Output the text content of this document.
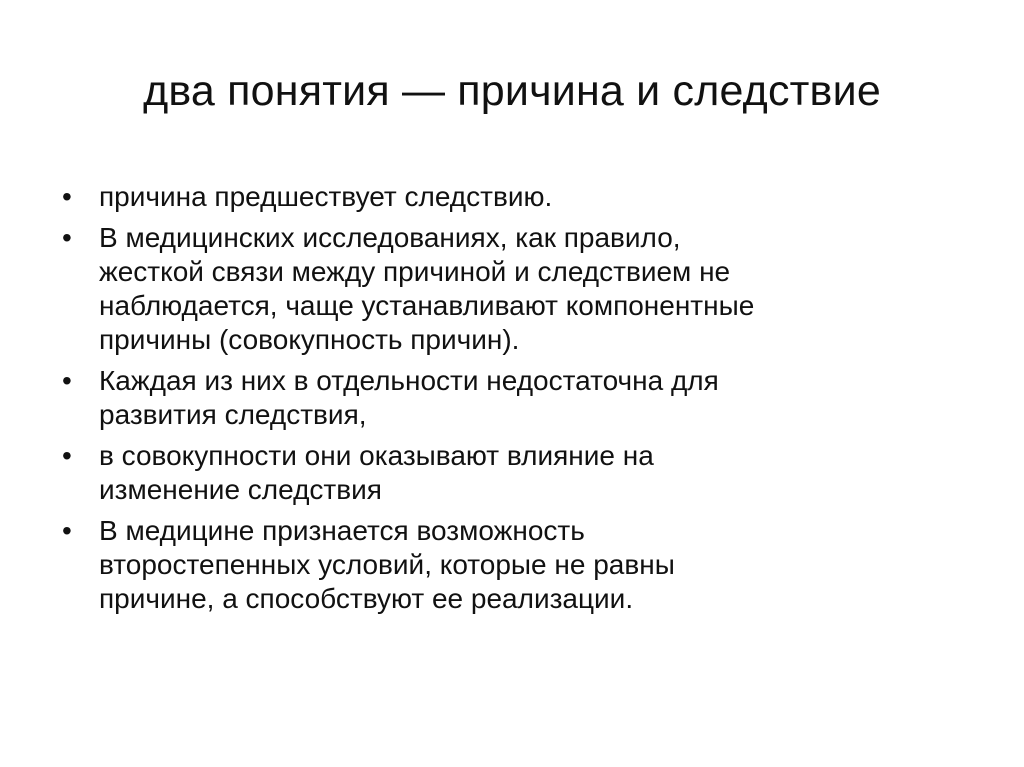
два понятия — причина и следствие
• причина предшествует следствию.
• В медицинских исследованиях, как правило,
жесткой связи между причиной и следствием не
наблюдается, чаще устанавливают компонентные
причины (совокупность причин).
• Каждая из них в отдельности недостаточна для
развития следствия,
• в совокупности они оказывают влияние на
изменение следствия
• В медицине признается возможность
второстепенных условий, которые не равны
причине, а способствуют ее реализации.
